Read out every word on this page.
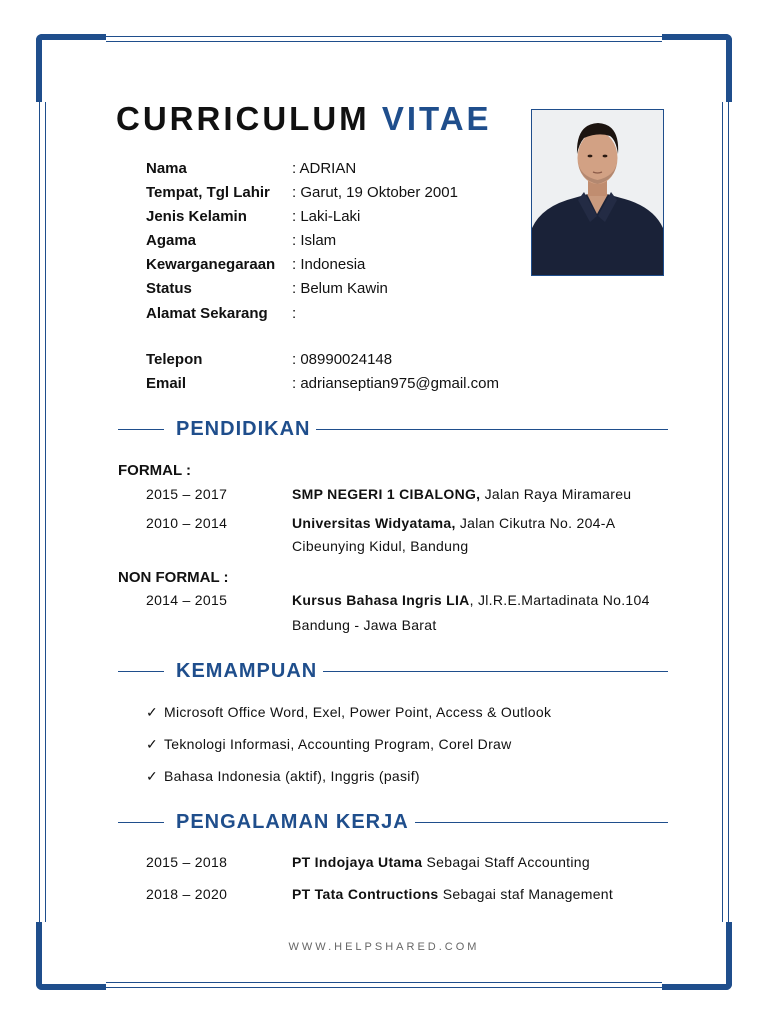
CURRICULUM VITAE
Nama	: ADRIAN
Tempat, Tgl Lahir : Garut, 19 Oktober 2001
Jenis Kelamin	: Laki-Laki
Agama	: Islam
Kewarganegaraan : Indonesia
Status	: Belum Kawin
Alamat Sekarang :
Telepon	: 08990024148
Email	: adrianseptian975@gmail.com
PENDIDIKAN
FORMAL :
2015 – 2017	SMP NEGERI 1 CIBALONG, Jalan Raya Miramareu
2010 – 2014	Universitas Widyatama, Jalan Cikutra No. 204-A
Cibeunying Kidul, Bandung
NON FORMAL :
2014 – 2015	Kursus Bahasa Ingris LIA, Jl.R.E.Martadinata No.104
Bandung - Jawa Barat
KEMAMPUAN
✓ Microsoft Office Word, Exel, Power Point, Access & Outlook
✓ Teknologi Informasi, Accounting Program, Corel Draw
✓ Bahasa Indonesia (aktif), Inggris (pasif)
PENGALAMAN KERJA
2015 – 2018	PT Indojaya Utama Sebagai Staff Accounting
2018 – 2020	PT Tata Contructions Sebagai staf Management
WWW.HELPSHARED.COM
